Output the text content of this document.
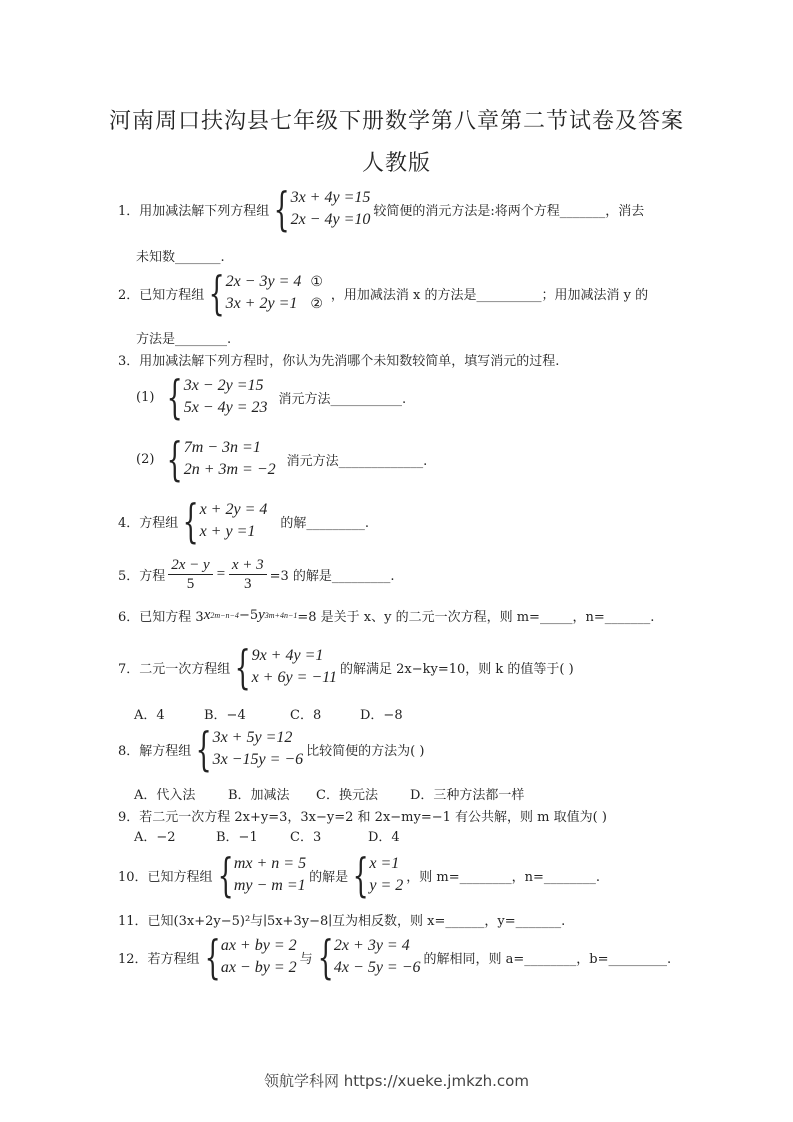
河南周口扶沟县七年级下册数学第八章第二节试卷及答案
人教版
1．用加减法解下列方程组 { 3x + 4y =15
2x − 4y =10 较简便的消元方法是:将两个方程_______，消去
未知数_______.
2．已知方程组 { 2x − 3y = 4
3x + 2y =1
①
②
，用加减法消 x 的方法是__________；用加减法消 y 的
方法是________.
3．用加减法解下列方程时，你认为先消哪个未知数较简单，填写消元的过程.
(1) { 3x − 2y =15
5x − 4y = 23 消元方法___________.
(2) { 7m − 3n =1
2n + 3m = −2 消元方法_____________.
4．方程组 { x + 2y = 4
x + y =1	的解_________.
5．方程 $\frac{2x - y}{5} = \frac{x + 3}{3} =3$ 的解是_________.
6．已知方程 3 x 2m−n−4 −5 y 3m+4n−1 =8 是关于 x、y 的二元一次方程，则 m=_____，n=_______.
7．二元一次方程组 { 9x + 4y =1
x + 6y = −11 的解满足 2x−ky=10，则 k 的值等于( )
A．4	B．−4	C．8	D．−8
8．解方程组 { 3x + 5y =12
3x −15y = −6 比较简便的方法为( )
A．代入法	B．加减法 C．换元法 D．三种方法都一样
9．若二元一次方程 2x+y=3，3x−y=2 和 2x−my=−1 有公共解，则 m 取值为( )
A．−2	B．−1 C．3	D．4
10．已知方程组 { mx + n = 5
my − m =1 的解是 { x =1
y = 2 ，则 m=________，n=________.
11．已知(3x+2y−5)²与∣5x+3y−8∣互为相反数，则 x=______，y=_______.
12．若方程组 { ax + by = 2
ax − by = 2 与 { 2x + 3y = 4
4x − 5y = −6 的解相同，则 a=________，b=_________.
领航学科网 https://xueke.jmkzh.com
